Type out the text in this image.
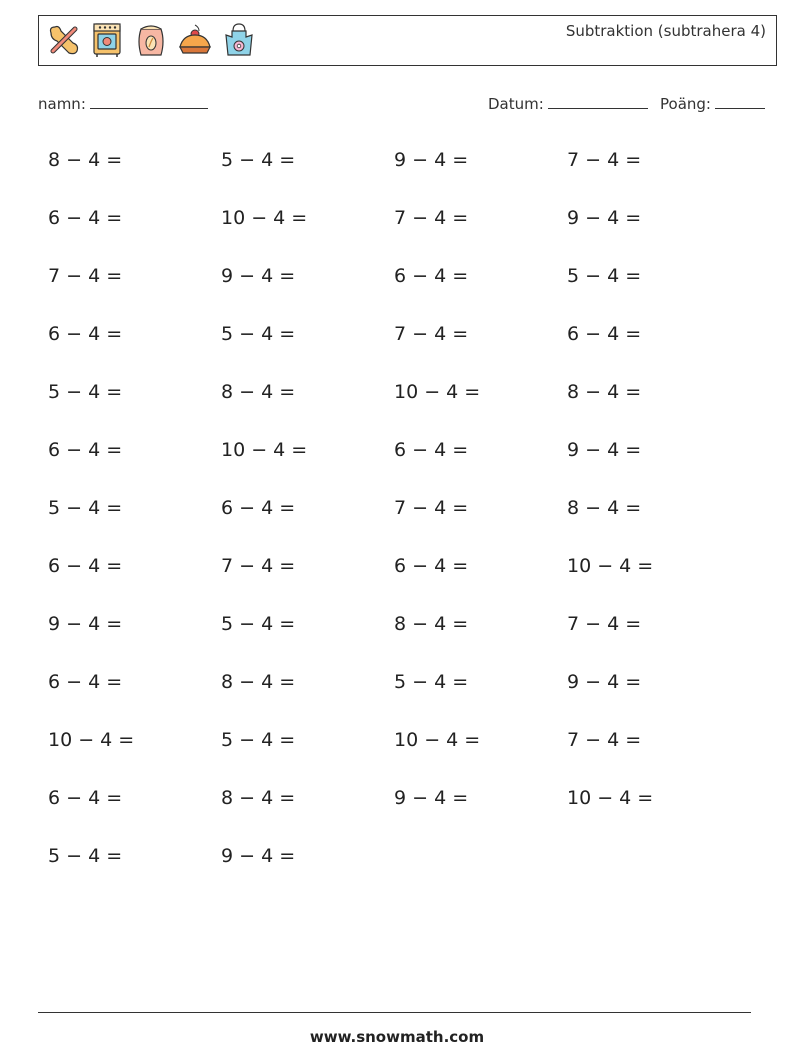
Subtraktion (subtrahera 4)
namn:	Datum:	Poäng:
8 − 4 =	5 − 4 =	9 − 4 =	7 − 4 =
6 − 4 =	10 − 4 =	7 − 4 =	9 − 4 =
7 − 4 =	9 − 4 =	6 − 4 =	5 − 4 =
6 − 4 =	5 − 4 =	7 − 4 =	6 − 4 =
5 − 4 =	8 − 4 =	10 − 4 =	8 − 4 =
6 − 4 =	10 − 4 =	6 − 4 =	9 − 4 =
5 − 4 =	6 − 4 =	7 − 4 =	8 − 4 =
6 − 4 =	7 − 4 =	6 − 4 =	10 − 4 =
9 − 4 =	5 − 4 =	8 − 4 =	7 − 4 =
6 − 4 =	8 − 4 =	5 − 4 =	9 − 4 =
10 − 4 =	5 − 4 =	10 − 4 =	7 − 4 =
6 − 4 =	8 − 4 =	9 − 4 =	10 − 4 =
5 − 4 =	9 − 4 =
www.snowmath.com
